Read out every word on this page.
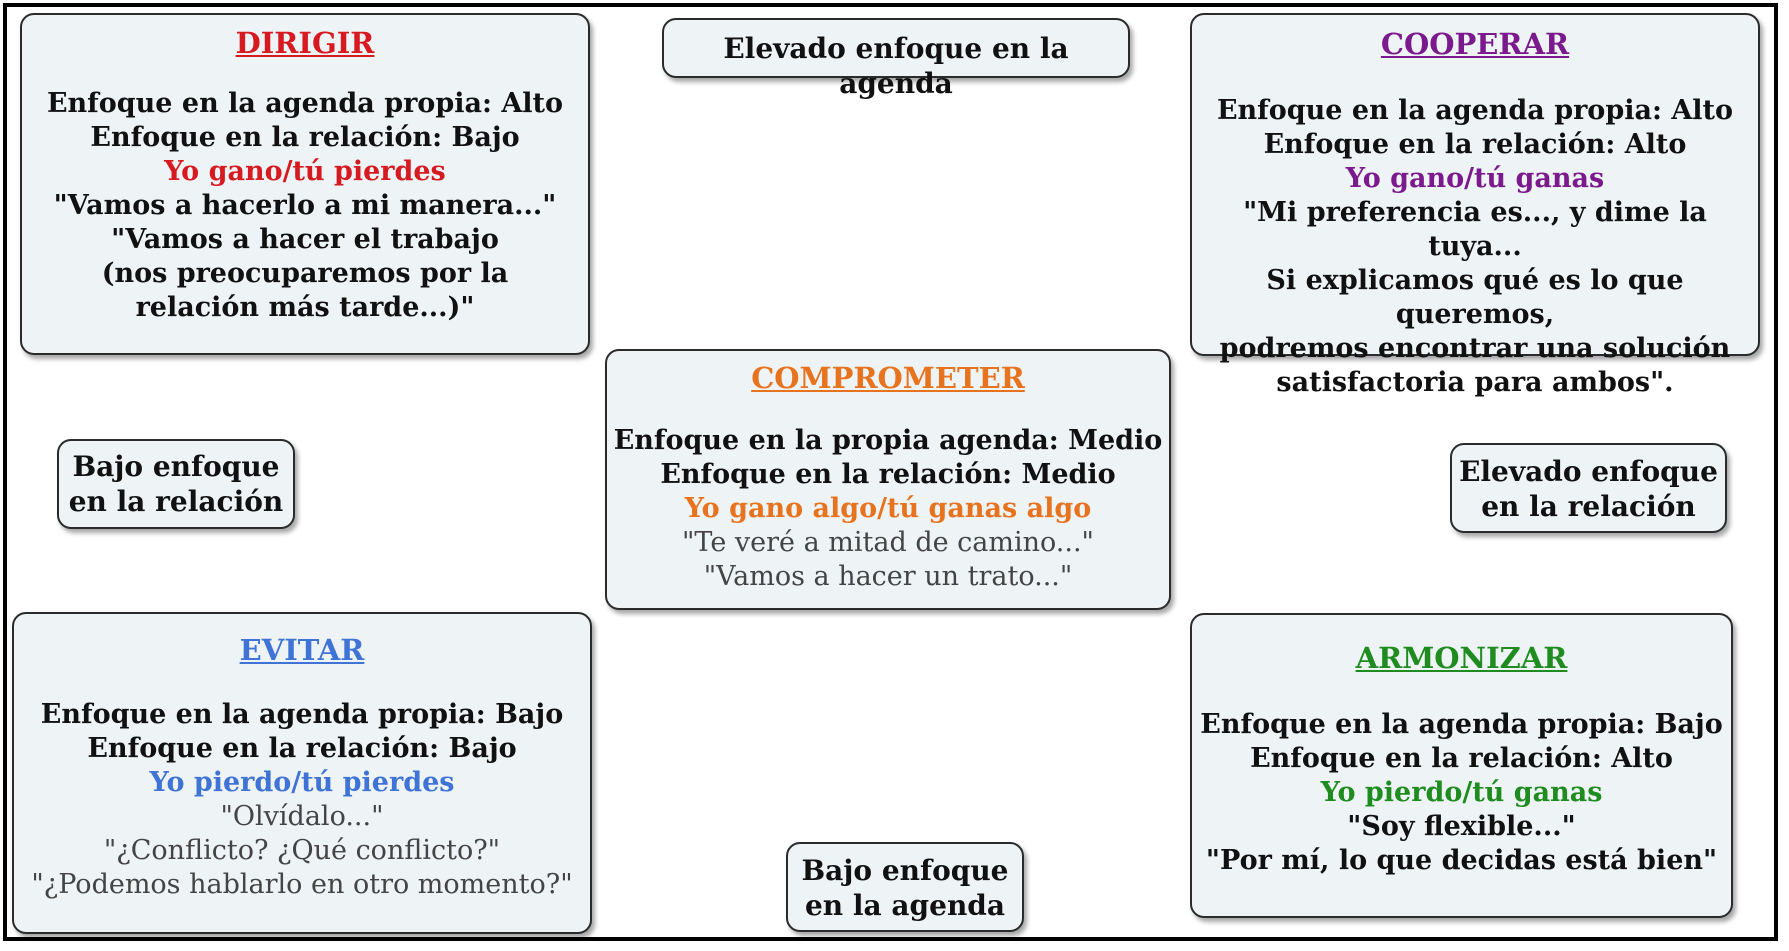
DIRIGIR
Enfoque en la agenda propia: Alto
Enfoque en la relación: Bajo
Yo gano/tú pierdes
"Vamos a hacerlo a mi manera..."
"Vamos a hacer el trabajo
(nos preocuparemos por la
relación más tarde...)"
Elevado enfoque en la agenda
COOPERAR
Enfoque en la agenda propia: Alto
Enfoque en la relación: Alto
Yo gano/tú ganas
"Mi preferencia es..., y dime la tuya...
Si explicamos qué es lo que queremos,
podremos encontrar una solución
satisfactoria para ambos".
COMPROMETER
Enfoque en la propia agenda: Medio
Enfoque en la relación: Medio
Yo gano algo/tú ganas algo
"Te veré a mitad de camino..."
"Vamos a hacer un trato..."
Bajo enfoque
en la relación
Elevado enfoque
en la relación
EVITAR
Enfoque en la agenda propia: Bajo
Enfoque en la relación: Bajo
Yo pierdo/tú pierdes
"Olvídalo..."
"¿Conflicto? ¿Qué conflicto?"
"¿Podemos hablarlo en otro momento?"
ARMONIZAR
Enfoque en la agenda propia: Bajo
Enfoque en la relación: Alto
Yo pierdo/tú ganas
"Soy flexible..."
"Por mí, lo que decidas está bien"
Bajo enfoque
en la agenda
